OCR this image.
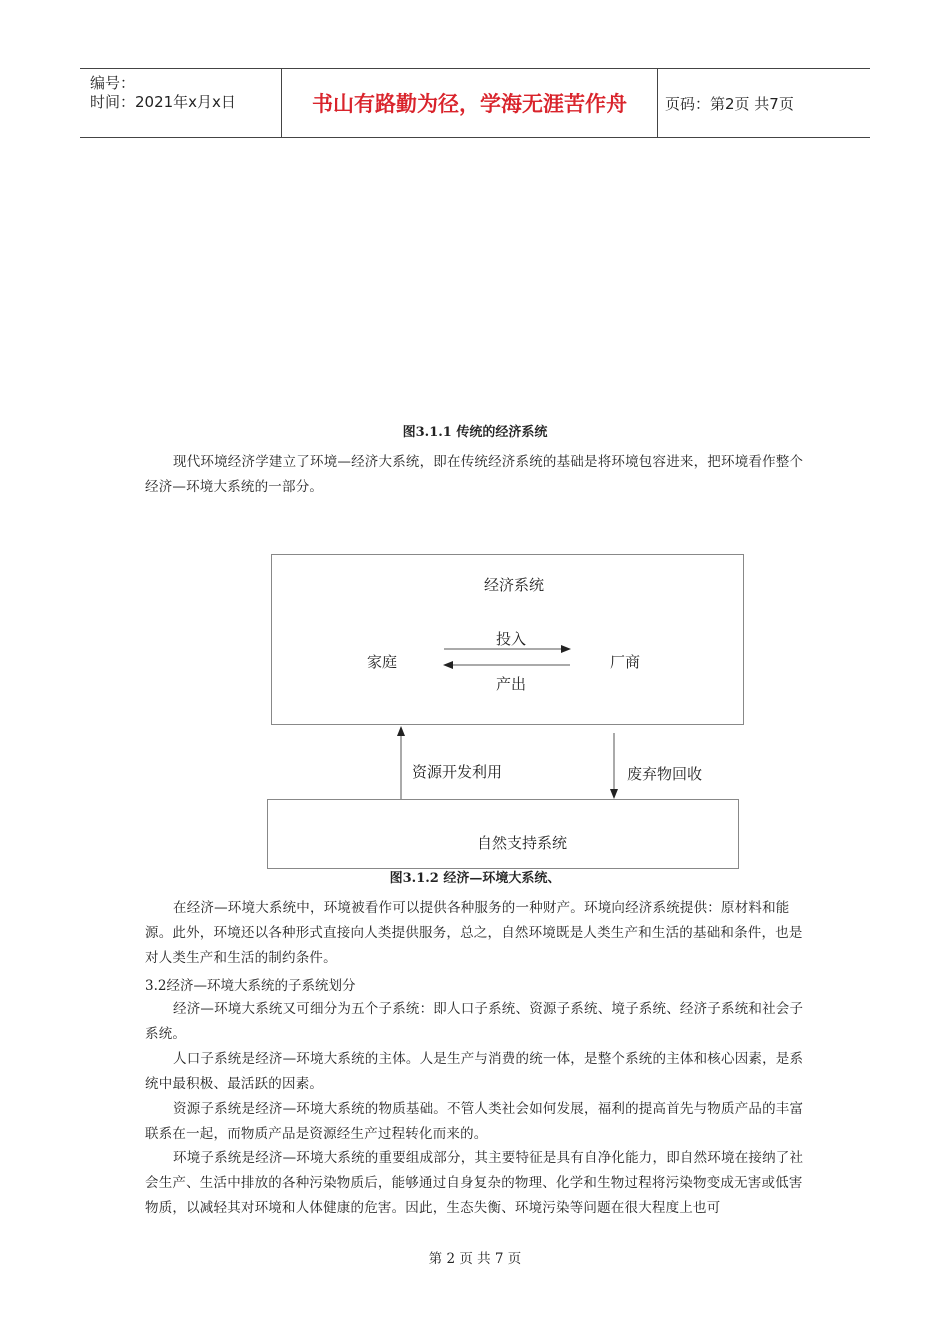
编号：
时间：2021年x月x日	书山有路勤为径，学海无涯苦作舟	页码：第2页 共7页
图3.1.1 传统的经济系统
现代环境经济学建立了环境—经济大系统，即在传统经济系统的基础是将环境包容进来，把环境看作整个经济—环境大系统的一部分。
经济系统
投入
家庭	厂商
产出
资源开发利用	废弃物回收
自然支持系统
图3.1.2 经济—环境大系统、
在经济—环境大系统中，环境被看作可以提供各种服务的一种财产。环境向经济系统提供：原材料和能源。此外，环境还以各种形式直接向人类提供服务，总之，自然环境既是人类生产和生活的基础和条件，也是对人类生产和生活的制约条件。
3.2经济—环境大系统的子系统划分
经济—环境大系统又可细分为五个子系统：即人口子系统、资源子系统、境子系统、经济子系统和社会子系统。
人口子系统是经济—环境大系统的主体。人是生产与消费的统一体，是整个系统的主体和核心因素，是系统中最积极、最活跃的因素。
资源子系统是经济—环境大系统的物质基础。不管人类社会如何发展，福利的提高首先与物质产品的丰富联系在一起，而物质产品是资源经生产过程转化而来的。
环境子系统是经济—环境大系统的重要组成部分，其主要特征是具有自净化能力，即自然环境在接纳了社会生产、生活中排放的各种污染物质后，能够通过自身复杂的物理、化学和生物过程将污染物变成无害或低害物质，以减轻其对环境和人体健康的危害。因此，生态失衡、环境污染等问题在很大程度上也可
第 2 页 共 7 页
